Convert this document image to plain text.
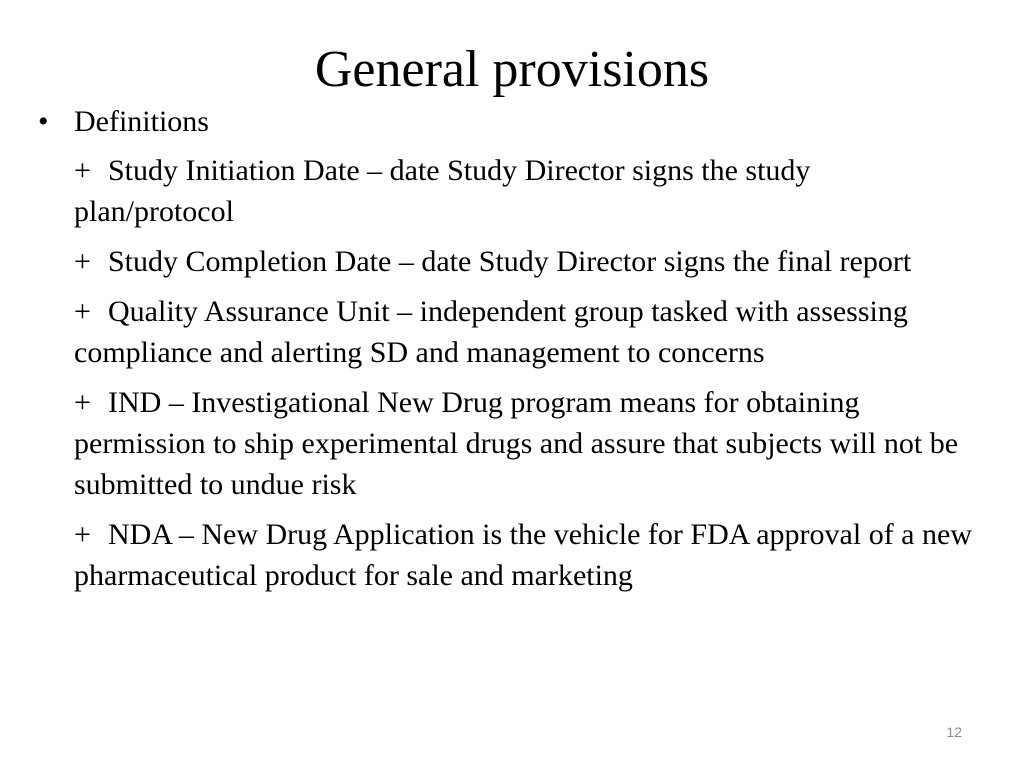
General provisions
• Definitions
+ Study Initiation Date – date Study Director signs the study plan/protocol
+ Study Completion Date – date Study Director signs the final report
+ Quality Assurance Unit – independent group tasked with assessing compliance and alerting SD and management to concerns
+ IND – Investigational New Drug program means for obtaining permission to ship experimental drugs and assure that subjects will not be submitted to undue risk
+ NDA – New Drug Application is the vehicle for FDA approval of a new pharmaceutical product for sale and marketing
12
